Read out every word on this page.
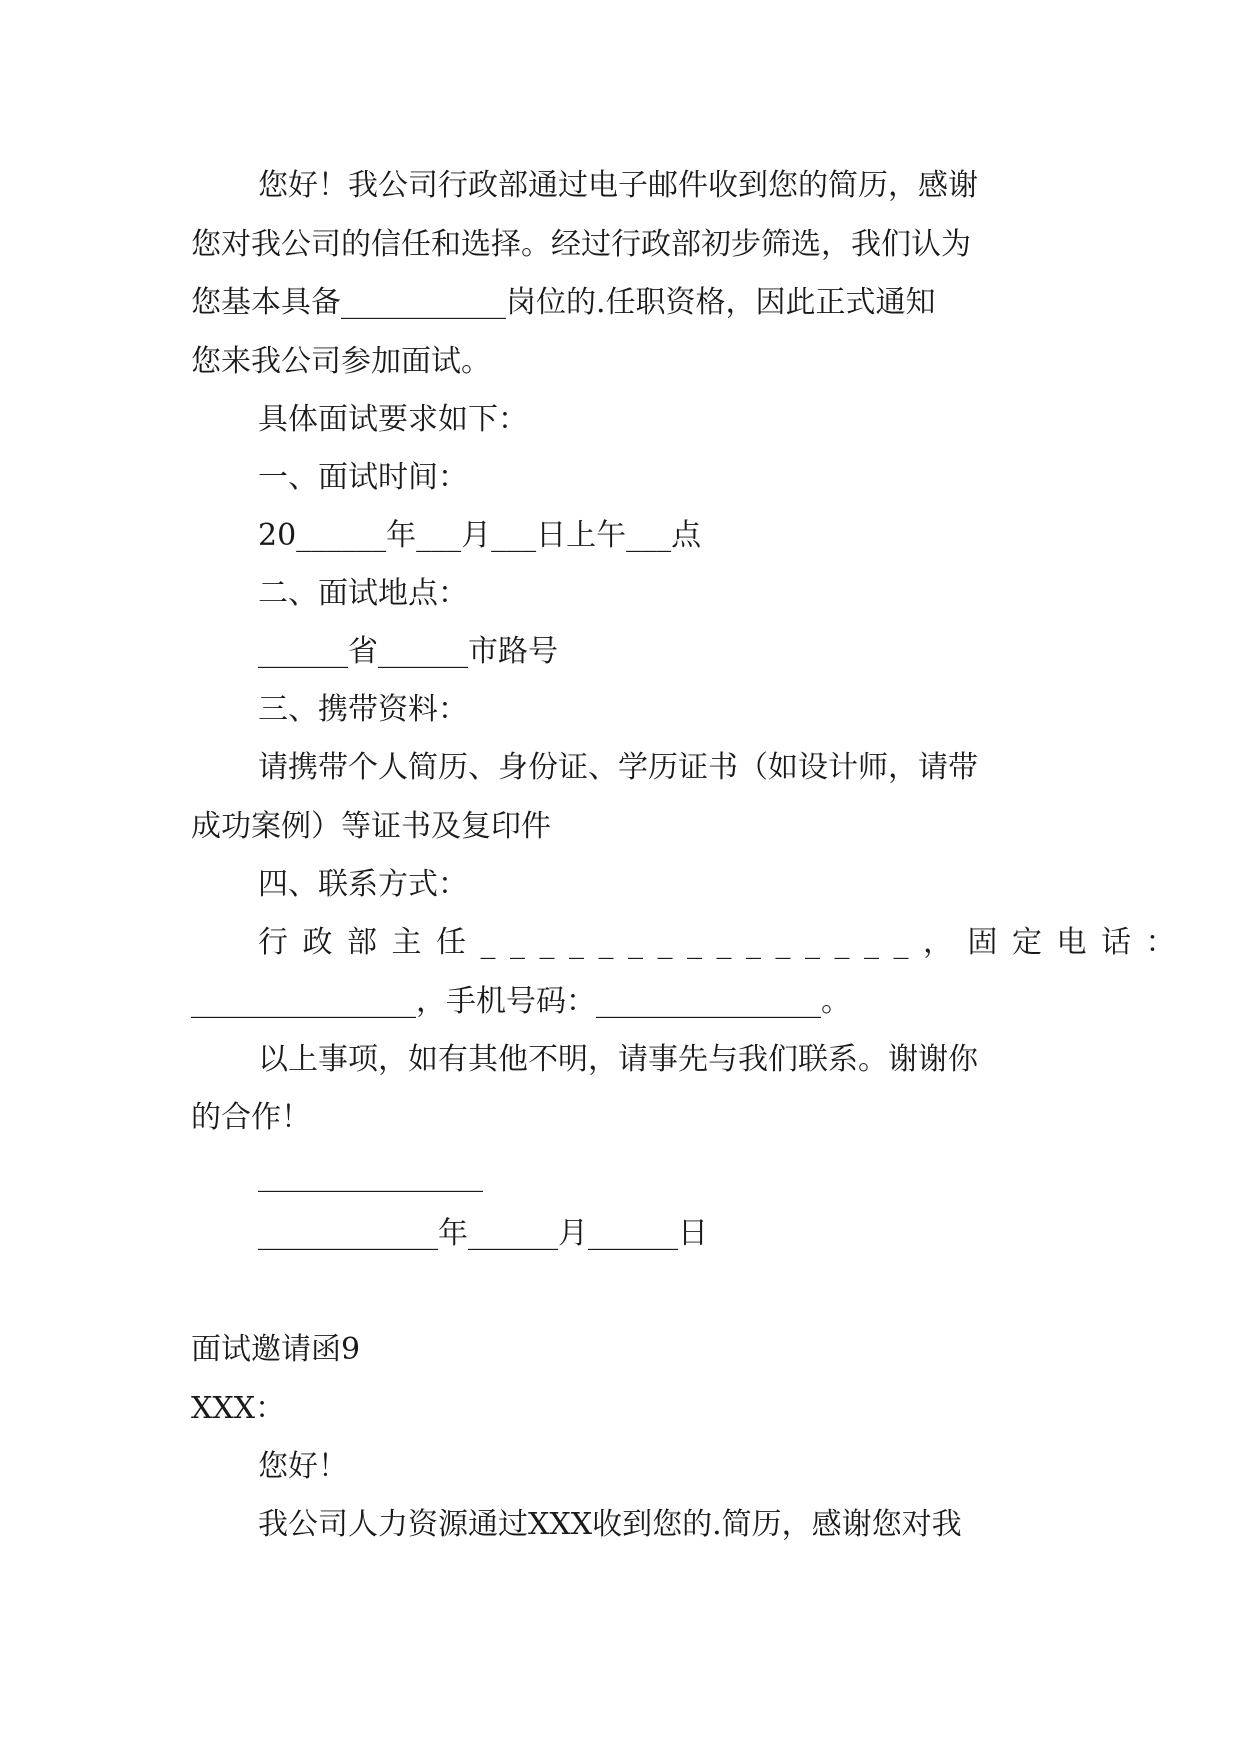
您好！我公司行政部通过电子邮件收到您的简历，感谢
您对我公司的信任和选择。经过行政部初步筛选，我们认为
您基本具备___________岗位的.任职资格，因此正式通知
您来我公司参加面试。
具体面试要求如下：
一、面试时间：
20______年___月___日上午___点
二、面试地点：
______省______市路号
三、携带资料：
请携带个人简历、身份证、学历证书（如设计师，请带
成功案例）等证书及复印件
四、联系方式：
行政部主任_______________，固定电话：
_______________，手机号码：_______________。
以上事项，如有其他不明，请事先与我们联系。谢谢你
的合作！
_______________
____________年______月______日
面试邀请函9
XXX：
您好！
我公司人力资源通过XXX收到您的.简历，感谢您对我
